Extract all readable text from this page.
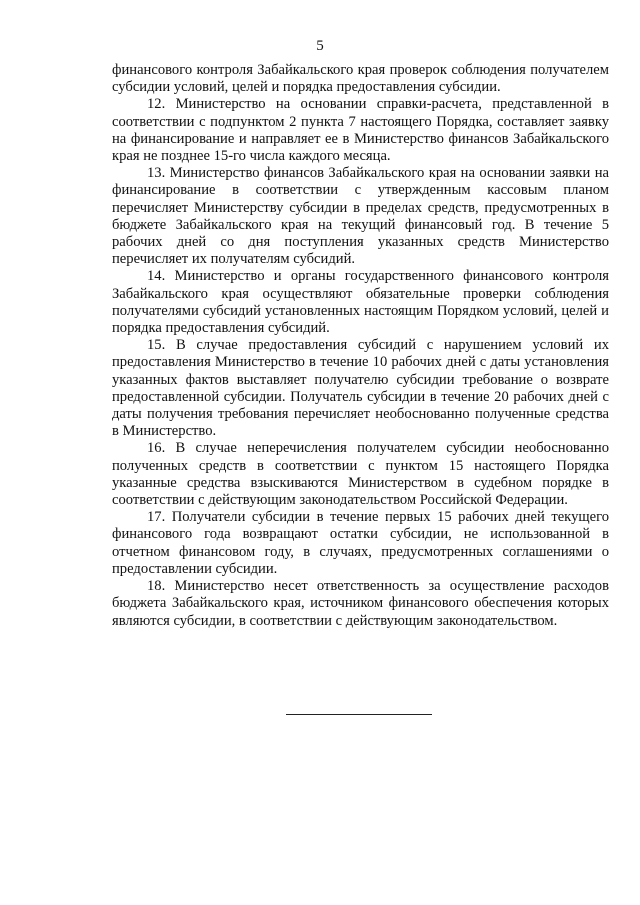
5

финансового контроля Забайкальского края проверок соблюдения получателем субсидии условий, целей и порядка предоставления субсидии.

12. Министерство на основании справки-расчета, представленной в соответствии с подпунктом 2 пункта 7 настоящего Порядка, составляет заявку на финансирование и направляет ее в Министерство финансов Забайкальского края не позднее 15-го числа каждого месяца.

13. Министерство финансов Забайкальского края на основании заявки на финансирование в соответствии с утвержденным кассовым планом перечисляет Министерству субсидии в пределах средств, предусмотренных в бюджете Забайкальского края на текущий финансовый год. В течение 5 рабочих дней со дня поступления указанных средств Министерство перечисляет их получателям субсидий.

14. Министерство и органы государственного финансового контроля Забайкальского края осуществляют обязательные проверки соблюдения получателями субсидий установленных настоящим Порядком условий, целей и порядка предоставления субсидий.

15. В случае предоставления субсидий с нарушением условий их предоставления Министерство в течение 10 рабочих дней с даты установления указанных фактов выставляет получателю субсидии требование о возврате предоставленной субсидии. Получатель субсидии в течение 20 рабочих дней с даты получения требования перечисляет необоснованно полученные средства в Министерство.

16. В случае неперечисления получателем субсидии необоснованно полученных средств в соответствии с пунктом 15 настоящего Порядка указанные средства взыскиваются Министерством в судебном порядке в соответствии с действующим законодательством Российской Федерации.

17. Получатели субсидии в течение первых 15 рабочих дней текущего финансового года возвращают остатки субсидии, не использованной в отчетном финансовом году, в случаях, предусмотренных соглашениями о предоставлении субсидии.

18. Министерство несет ответственность за осуществление расходов бюджета Забайкальского края, источником финансового обеспечения которых являются субсидии, в соответствии с действующим законодательством.
